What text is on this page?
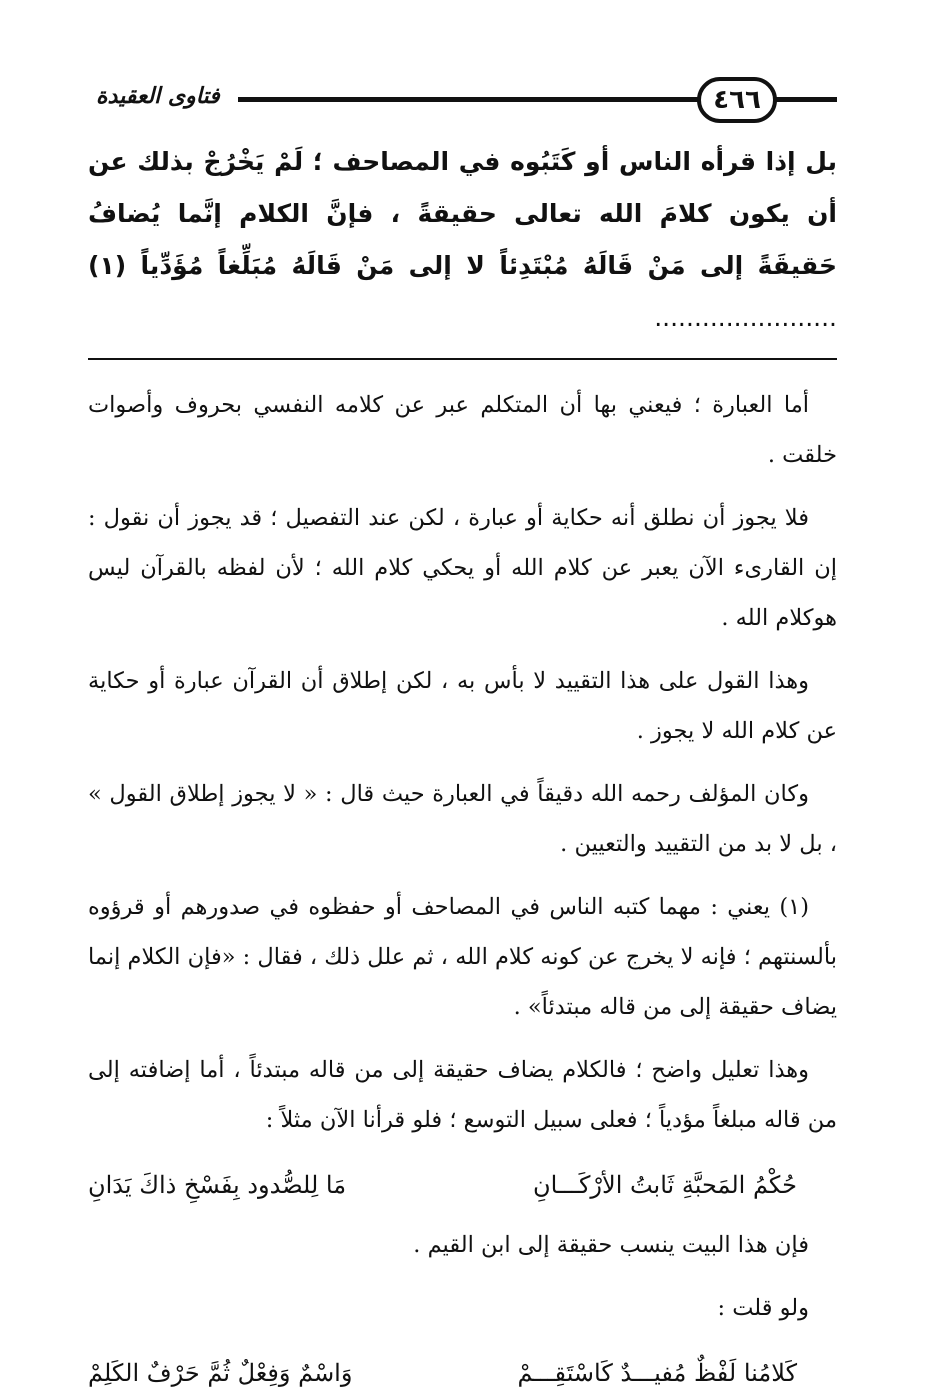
٤٦٦
فتاوى العقيدة

بل إذا قرأه الناس أو كَتَبُوه في المصاحف ؛ لَمْ يَخْرُجْ بذلك عن أن يكون كلامَ الله تعالى حقيقةً ، فإنَّ الكلام إنَّما يُضافُ حَقيقَةً إلى مَنْ قَالَهُ مُبْتَدِئاً لا إلى مَنْ قَالَهُ مُبَلِّغاً مُؤَدِّياً (١) .......................

أما العبارة ؛ فيعني بها أن المتكلم عبر عن كلامه النفسي بحروف وأصوات خلقت .

فلا يجوز أن نطلق أنه حكاية أو عبارة ، لكن عند التفصيل ؛ قد يجوز أن نقول : إن القارىء الآن يعبر عن كلام الله أو يحكي كلام الله ؛ لأن لفظه بالقرآن ليس هوكلام الله .

وهذا القول على هذا التقييد لا بأس به ، لكن إطلاق أن القرآن عبارة أو حكاية عن كلام الله لا يجوز .

وكان المؤلف رحمه الله دقيقاً في العبارة حيث قال : « لا يجوز إطلاق القول » ، بل لا بد من التقييد والتعيين .

(١) يعني : مهما كتبه الناس في المصاحف أو حفظوه في صدورهم أو قرؤوه بألسنتهم ؛ فإنه لا يخرج عن كونه كلام الله ، ثم علل ذلك ، فقال : «فإن الكلام إنما يضاف حقيقة إلى من قاله مبتدئاً» .

وهذا تعليل واضح ؛ فالكلام يضاف حقيقة إلى من قاله مبتدئاً ، أما إضافته إلى من قاله مبلغاً مؤدياً ؛ فعلى سبيل التوسع ؛ فلو قرأنا الآن مثلاً :

حُكْمُ المَحبَّةِ ثَابتُ الأرْكَـــانِ
مَا لِلصُّدود بِفَسْخِ ذاكَ يَدَانِ

فإن هذا البيت ينسب حقيقة إلى ابن القيم .

ولو قلت :

كَلامُنا لَفْظٌ مُفيـــدٌ كَاسْتَقِـــمْ
وَاسْمٌ وَفِعْلٌ ثُمَّ حَرْفٌ الكَلِمْ
